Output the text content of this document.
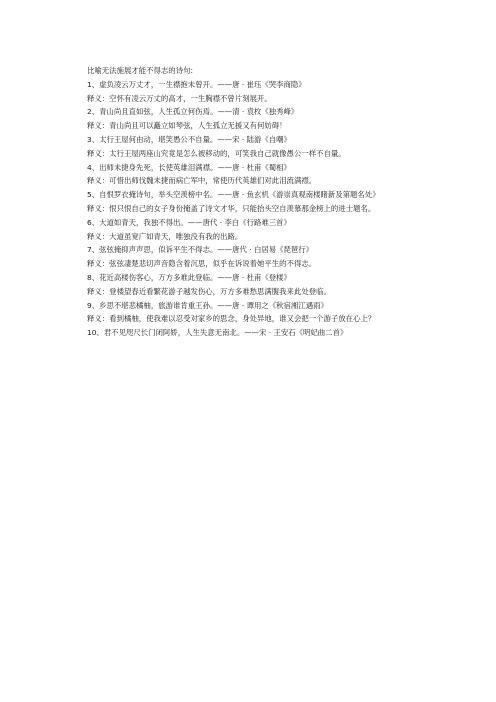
比喻无法施展才能不得志的诗句:

1、虚负凌云万丈才，一生襟抱未曾开。——唐 · 崔珏《哭李商隐》

释义：空怀有凌云万丈的高才，一生胸襟不曾片刻展开。

2、青山尚且直如弦，人生孤立何伤焉。——清 · 袁枚《独秀峰》

释义：青山尚且可以矗立如琴弦，人生孤立无援又有何妨碍！

3、太行王屋何由动，堪笑愚公不自量。——宋 · 陆游《自嘲》

释义：太行王屋两座山究竟是怎么被移动的，可笑我自己就像愚公一样不自量。

4、出师未捷身先死，长使英雄泪满襟。——唐 · 杜甫《蜀相》

释义：可惜出师伐魏未捷而病亡军中，常使历代英雄们对此泪流满襟。

5、自恨罗衣掩诗句，举头空羡榜中名。——唐 · 鱼玄机《游崇真观南楼睹新及第题名处》

释义：恨只恨自己的女子身份掩盖了诗文才华，只能抬头空自羡慕那金榜上的进士题名。

6、大道如青天，我独不得出。——唐代 · 李白《行路难三首》

释义：大道虽宽广如青天，唯独没有我的出路。

7、弦弦掩抑声声思，似诉平生不得志。——唐代 · 白居易《琵琶行》

释义：弦弦凄楚悲切声音隐含着沉思，似乎在诉说着她平生的不得志。

8、花近高楼伤客心，万方多难此登临。——唐 · 杜甫《登楼》

释义：登楼望春近看繁花游子越发伤心，万方多难愁思满腹我来此处登临。

9、乡思不堪悲橘柚，旅游谁肯重王孙。——唐 · 谭用之《秋宿湘江遇雨》

释义：看到橘柚，使我难以忍受对家乡的思念，身处异地，谁又会把一个游子放在心上？

10、君不见咫尺长门闭阿娇，人生失意无南北。——宋 · 王安石《明妃曲二首》
